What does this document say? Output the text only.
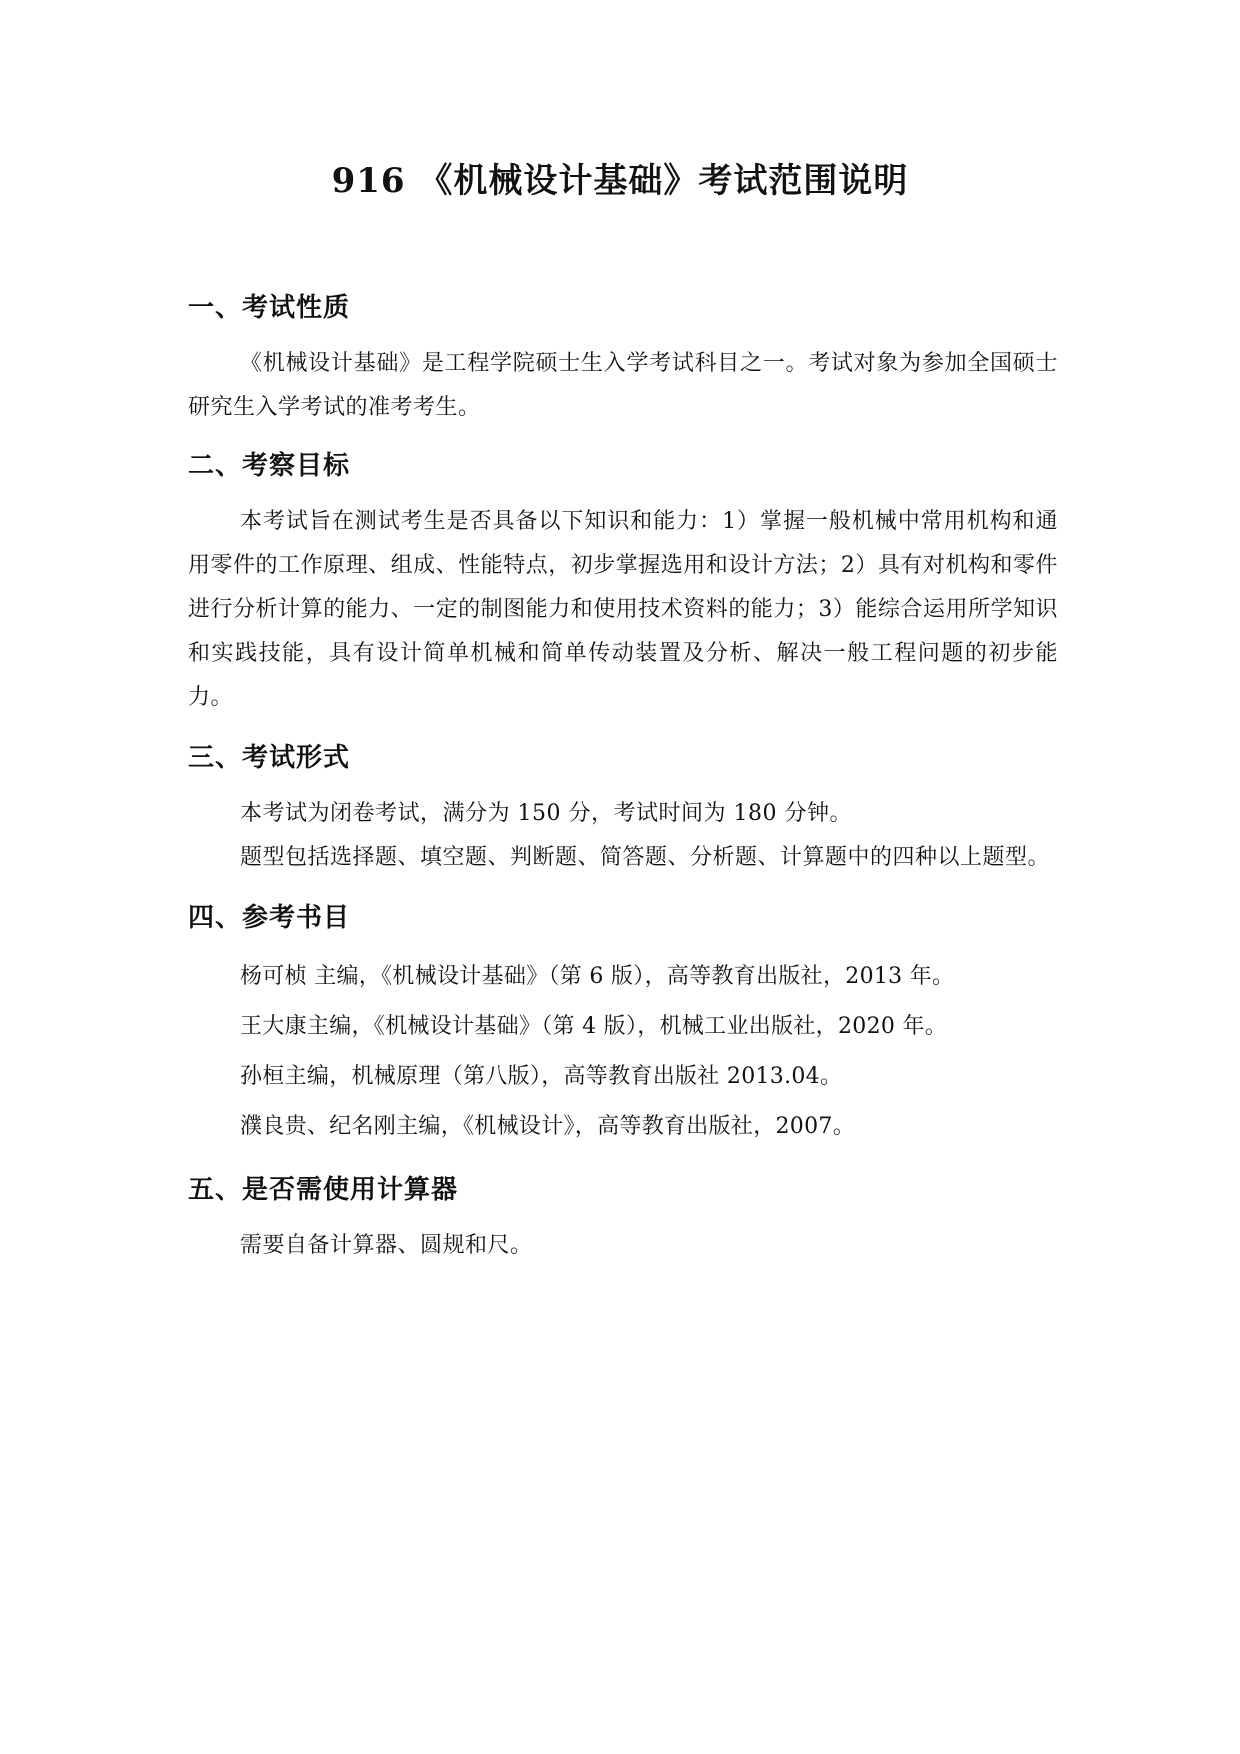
916 《机械设计基础》考试范围说明
一、考试性质

《机械设计基础》是工程学院硕士生入学考试科目之一。考试对象为参加全国硕士研究生入学考试的准考考生。

二、考察目标

本考试旨在测试考生是否具备以下知识和能力：1）掌握一般机械中常用机构和通用零件的工作原理、组成、性能特点，初步掌握选用和设计方法；2）具有对机构和零件进行分析计算的能力、一定的制图能力和使用技术资料的能力；3）能综合运用所学知识和实践技能，具有设计简单机械和简单传动装置及分析、解决一般工程问题的初步能力。

三、考试形式

本考试为闭卷考试，满分为 150 分，考试时间为 180 分钟。

题型包括选择题、填空题、判断题、简答题、分析题、计算题中的四种以上题型。

四、参考书目

杨可桢 主编，《机械设计基础》（第 6 版），高等教育出版社，2013 年。

王大康主编，《机械设计基础》（第 4 版），机械工业出版社，2020 年。

孙桓主编，机械原理（第八版），高等教育出版社 2013.04。

濮良贵、纪名刚主编，《机械设计》，高等教育出版社，2007。

五、是否需使用计算器

需要自备计算器、圆规和尺。
